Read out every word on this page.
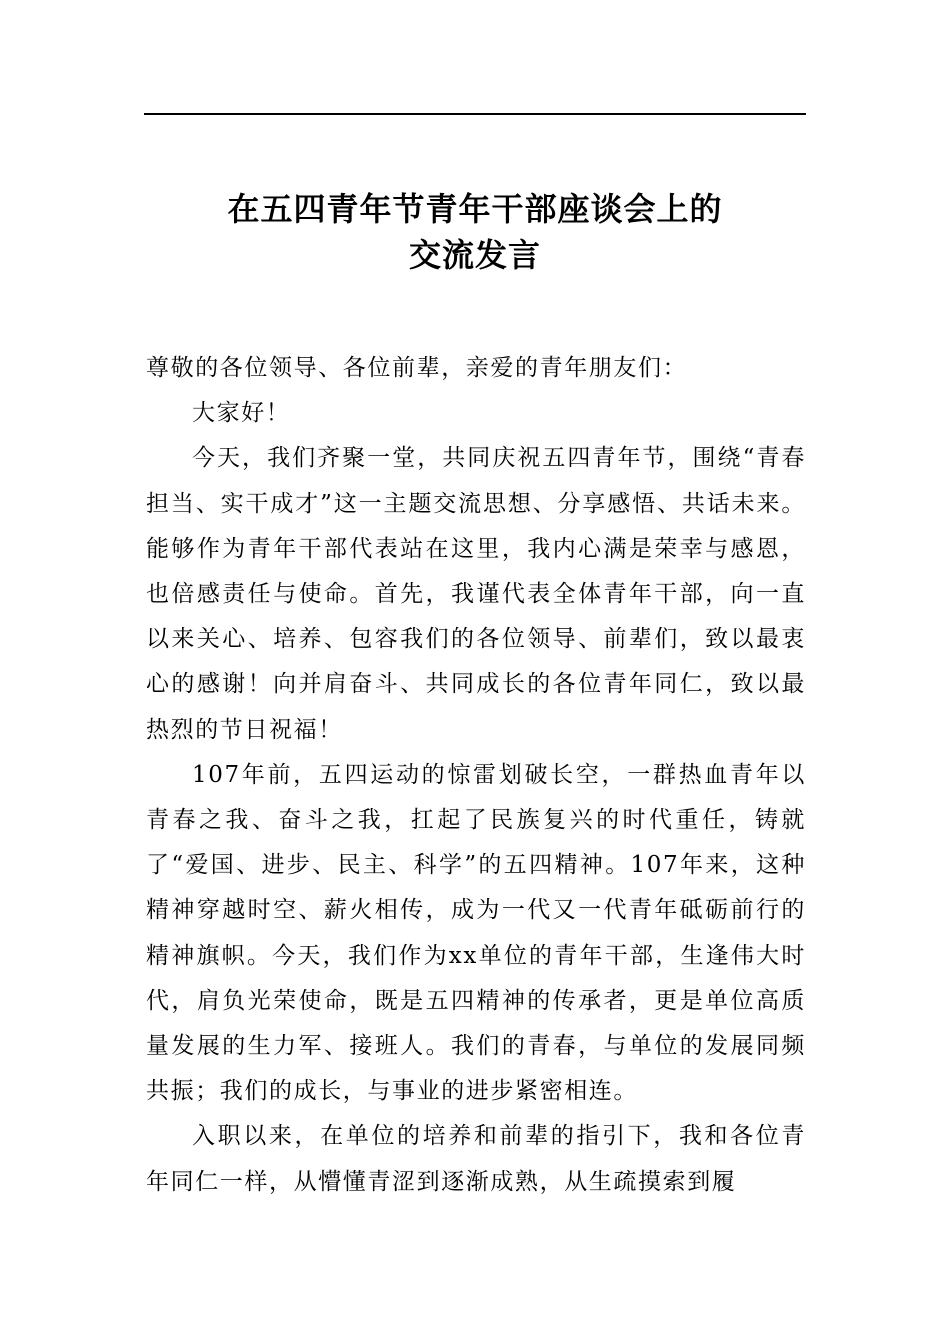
在五四青年节青年干部座谈会上的
交流发言

尊敬的各位领导、各位前辈，亲爱的青年朋友们：

大家好！

今天，我们齐聚一堂，共同庆祝五四青年节，围绕“青春担当、实干成才”这一主题交流思想、分享感悟、共话未来。能够作为青年干部代表站在这里，我内心满是荣幸与感恩，也倍感责任与使命。首先，我谨代表全体青年干部，向一直以来关心、培养、包容我们的各位领导、前辈们，致以最衷心的感谢！向并肩奋斗、共同成长的各位青年同仁，致以最热烈的节日祝福！

107年前，五四运动的惊雷划破长空，一群热血青年以青春之我、奋斗之我，扛起了民族复兴的时代重任，铸就了“爱国、进步、民主、科学”的五四精神。107年来，这种精神穿越时空、薪火相传，成为一代又一代青年砥砺前行的精神旗帜。今天，我们作为xx单位的青年干部，生逢伟大时代，肩负光荣使命，既是五四精神的传承者，更是单位高质量发展的生力军、接班人。我们的青春，与单位的发展同频共振；我们的成长，与事业的进步紧密相连。

入职以来，在单位的培养和前辈的指引下，我和各位青年同仁一样，从懵懂青涩到逐渐成熟，从生疏摸索到履
